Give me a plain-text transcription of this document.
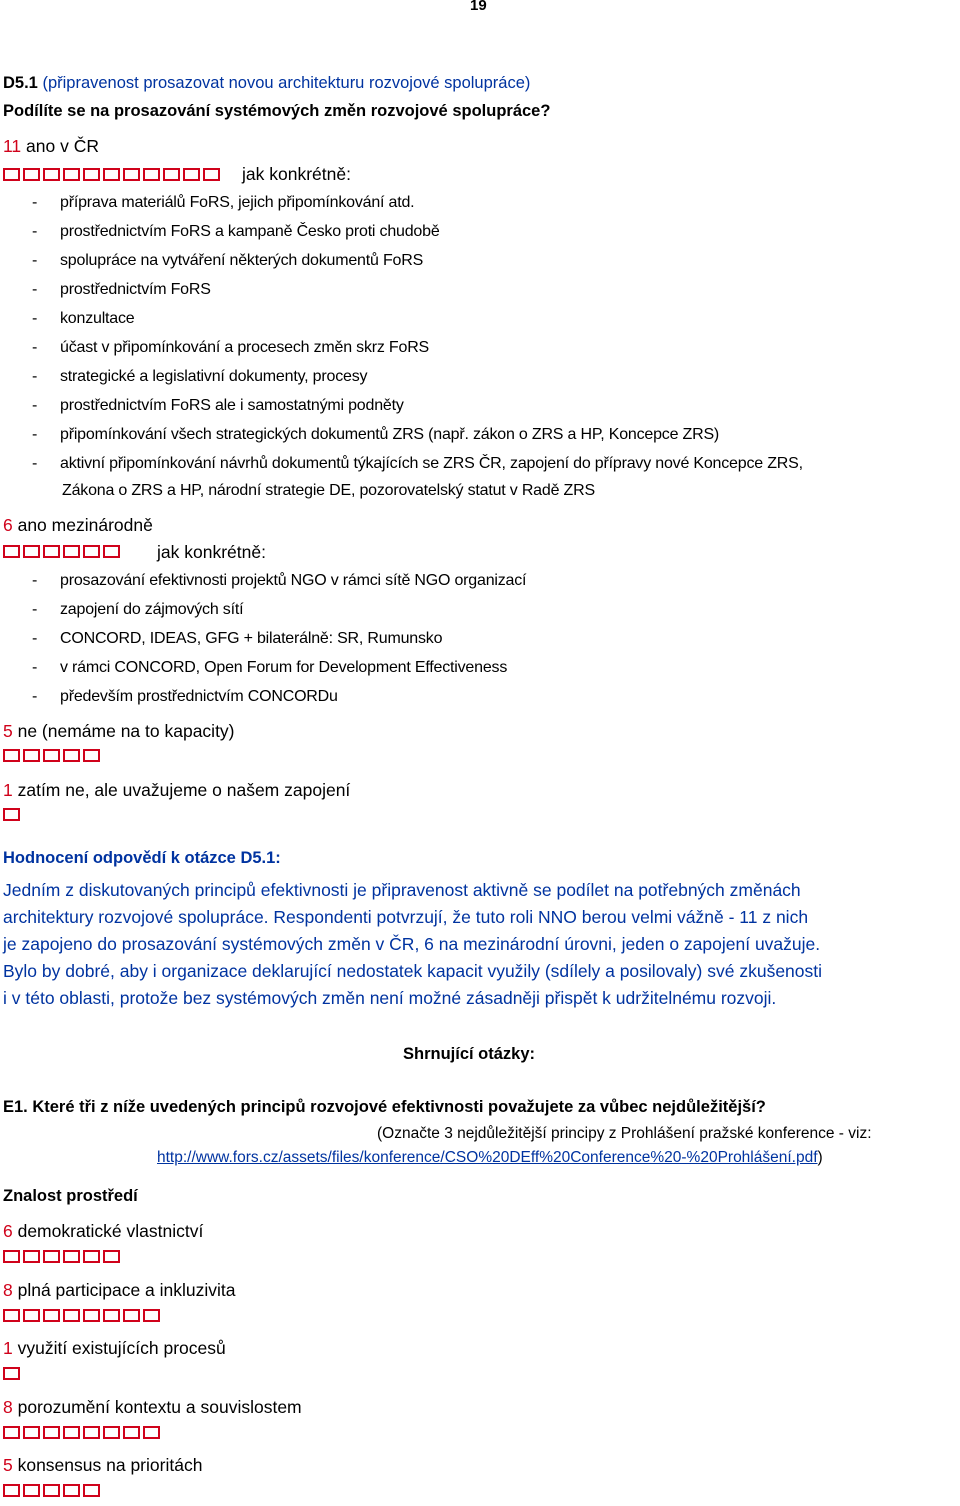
19
D5.1 (připravenost prosazovat novou architekturu rozvojové spolupráce)
Podílíte se na prosazování systémových změn rozvojové spolupráce?
11 ano v ČR
jak konkrétně:
- příprava materiálů FoRS, jejich připomínkování atd.
- prostřednictvím FoRS a kampaně Česko proti chudobě
- spolupráce na vytváření některých dokumentů FoRS
- prostřednictvím FoRS
- konzultace
- účast v připomínkování a procesech změn skrz FoRS
- strategické a legislativní dokumenty, procesy
- prostřednictvím FoRS ale i samostatnými podněty
- připomínkování všech strategických dokumentů ZRS (např. zákon o ZRS a HP, Koncepce ZRS)
- aktivní připomínkování návrhů dokumentů týkajících se ZRS ČR, zapojení do přípravy nové Koncepce ZRS,
Zákona o ZRS a HP, národní strategie DE, pozorovatelský statut v Radě ZRS
6 ano mezinárodně
jak konkrétně:
- prosazování efektivnosti projektů NGO v rámci sítě NGO organizací
- zapojení do zájmových sítí
- CONCORD, IDEAS, GFG + bilaterálně: SR, Rumunsko
- v rámci CONCORD, Open Forum for Development Effectiveness
- především prostřednictvím CONCORDu
5 ne (nemáme na to kapacity)
1 zatím ne, ale uvažujeme o našem zapojení
Hodnocení odpovědí k otázce D5.1:
Jedním z diskutovaných principů efektivnosti je připravenost aktivně se podílet na potřebných změnách
architektury rozvojové spolupráce. Respondenti potvrzují, že tuto roli NNO berou velmi vážně - 11 z nich
je zapojeno do prosazování systémových změn v ČR, 6 na mezinárodní úrovni, jeden o zapojení uvažuje.
Bylo by dobré, aby i organizace deklarující nedostatek kapacit využily (sdílely a posilovaly) své zkušenosti
i v této oblasti, protože bez systémových změn není možné zásadněji přispět k udržitelnému rozvoji.
Shrnující otázky:
E1. Které tři z níže uvedených principů rozvojové efektivnosti považujete za vůbec nejdůležitější?
(Označte 3 nejdůležitější principy z Prohlášení pražské konference - viz:
http://www.fors.cz/assets/files/konference/CSO%20DEff%20Conference%20-%20Prohlášení.pdf)
Znalost prostředí
6 demokratické vlastnictví
8 plná participace a inkluzivita
1 využití existujících procesů
8 porozumění kontextu a souvislostem
5 konsensus na prioritách
